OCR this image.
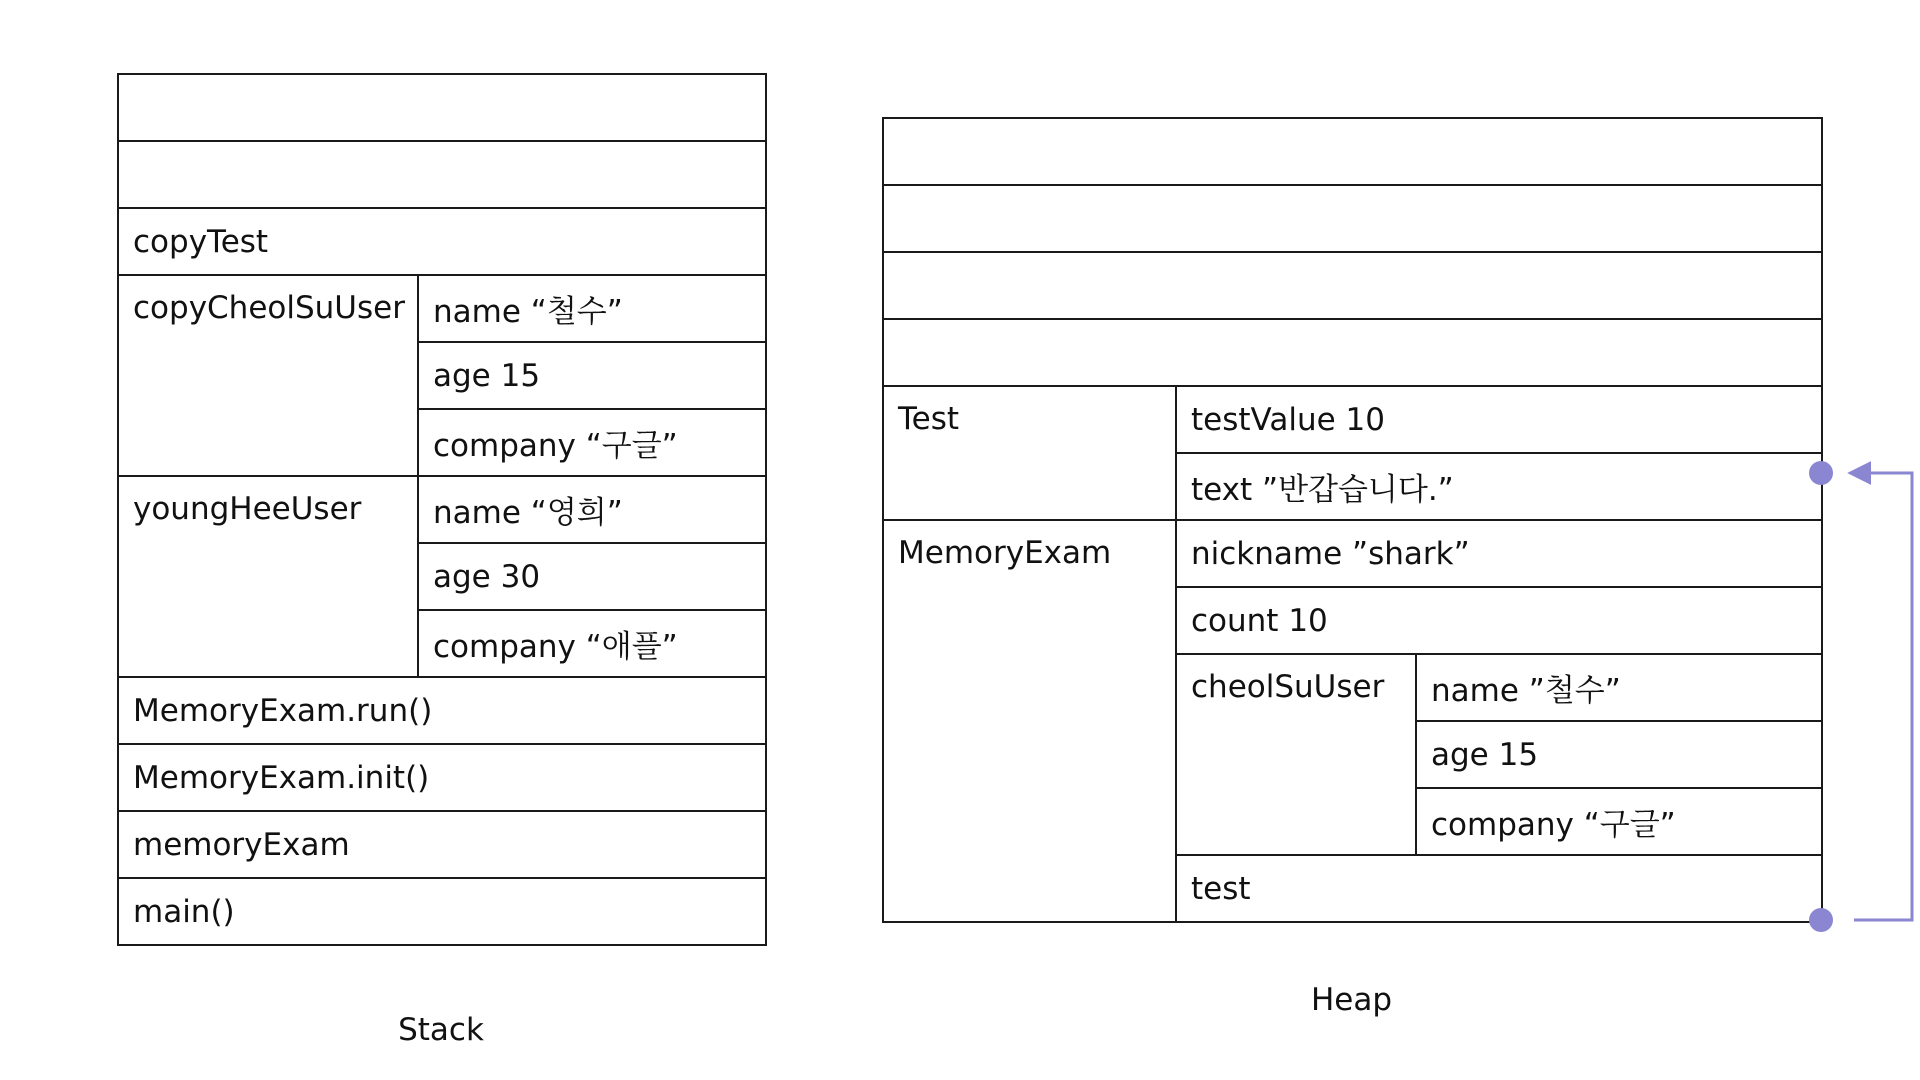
copyTest	
copyCheolSuUser	name “철수”
	age 15
	company “구글”
youngHeeUser	name “영희”
	age 30
	company “애플”
MemoryExam.run()	
MemoryExam.init()	
memoryExam	
main()	
Stack

Test	testValue 10	
	text ”반갑습니다.”	
MemoryExam	nickname ”shark”	
	count 10	
	cheolSuUser	name ”철수”
		age 15
		company “구글”
	test	
Heap
